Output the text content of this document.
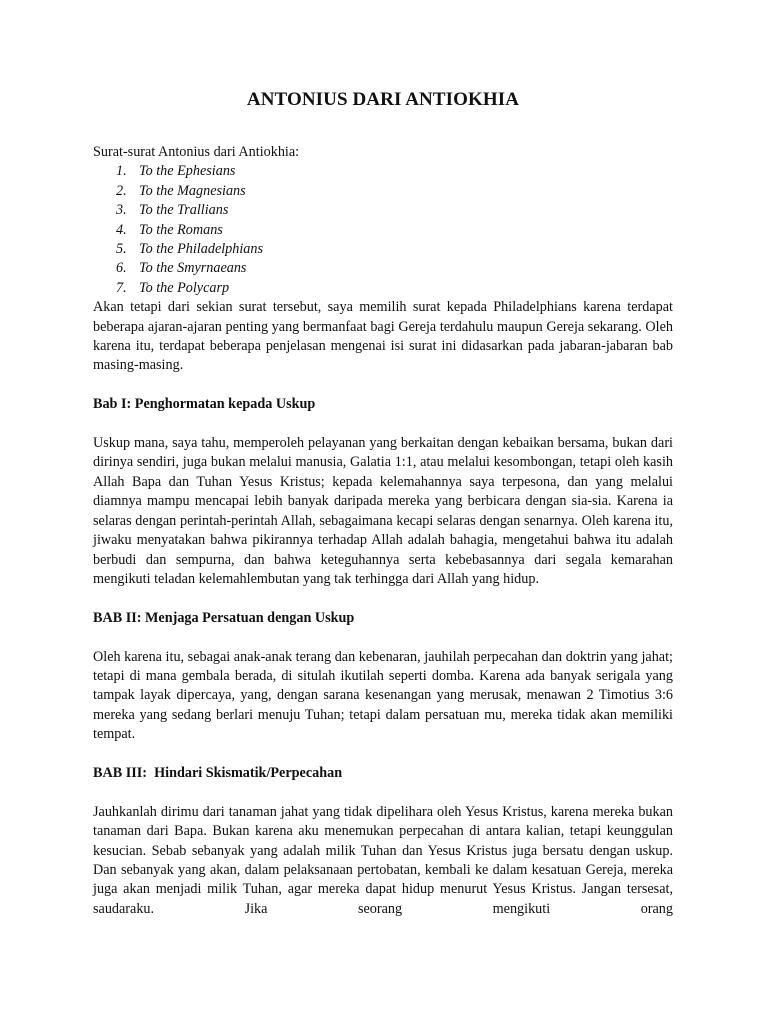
ANTONIUS DARI ANTIOKHIA

Surat-surat Antonius dari Antiokhia:

1. To the Ephesians
2. To the Magnesians
3. To the Trallians
4. To the Romans
5. To the Philadelphians
6. To the Smyrnaeans
7. To the Polycarp

Akan tetapi dari sekian surat tersebut, saya memilih surat kepada Philadelphians karena terdapat beberapa ajaran-ajaran penting yang bermanfaat bagi Gereja terdahulu maupun Gereja sekarang. Oleh karena itu, terdapat beberapa penjelasan mengenai isi surat ini didasarkan pada jabaran-jabaran bab masing-masing.

Bab I: Penghormatan kepada Uskup

Uskup mana, saya tahu, memperoleh pelayanan yang berkaitan dengan kebaikan bersama, bukan dari dirinya sendiri, juga bukan melalui manusia, Galatia 1:1, atau melalui kesombongan, tetapi oleh kasih Allah Bapa dan Tuhan Yesus Kristus; kepada kelemahannya saya terpesona, dan yang melalui diamnya mampu mencapai lebih banyak daripada mereka yang berbicara dengan sia-sia. Karena ia selaras dengan perintah-perintah Allah, sebagaimana kecapi selaras dengan senarnya. Oleh karena itu, jiwaku menyatakan bahwa pikirannya terhadap Allah adalah bahagia, mengetahui bahwa itu adalah berbudi dan sempurna, dan bahwa keteguhannya serta kebebasannya dari segala kemarahan mengikuti teladan kelemahlembutan yang tak terhingga dari Allah yang hidup.

BAB II: Menjaga Persatuan dengan Uskup

Oleh karena itu, sebagai anak-anak terang dan kebenaran, jauhilah perpecahan dan doktrin yang jahat; tetapi di mana gembala berada, di situlah ikutilah seperti domba. Karena ada banyak serigala yang tampak layak dipercaya, yang, dengan sarana kesenangan yang merusak, menawan 2 Timotius 3:6 mereka yang sedang berlari menuju Tuhan; tetapi dalam persatuan mu, mereka tidak akan memiliki tempat.

BAB III:  Hindari Skismatik/Perpecahan

Jauhkanlah dirimu dari tanaman jahat yang tidak dipelihara oleh Yesus Kristus, karena mereka bukan tanaman dari Bapa. Bukan karena aku menemukan perpecahan di antara kalian, tetapi keunggulan kesucian. Sebab sebanyak yang adalah milik Tuhan dan Yesus Kristus juga bersatu dengan uskup. Dan sebanyak yang akan, dalam pelaksanaan pertobatan, kembali ke dalam kesatuan Gereja, mereka juga akan menjadi milik Tuhan, agar mereka dapat hidup menurut Yesus Kristus. Jangan tersesat, saudaraku. Jika seorang mengikuti orang
